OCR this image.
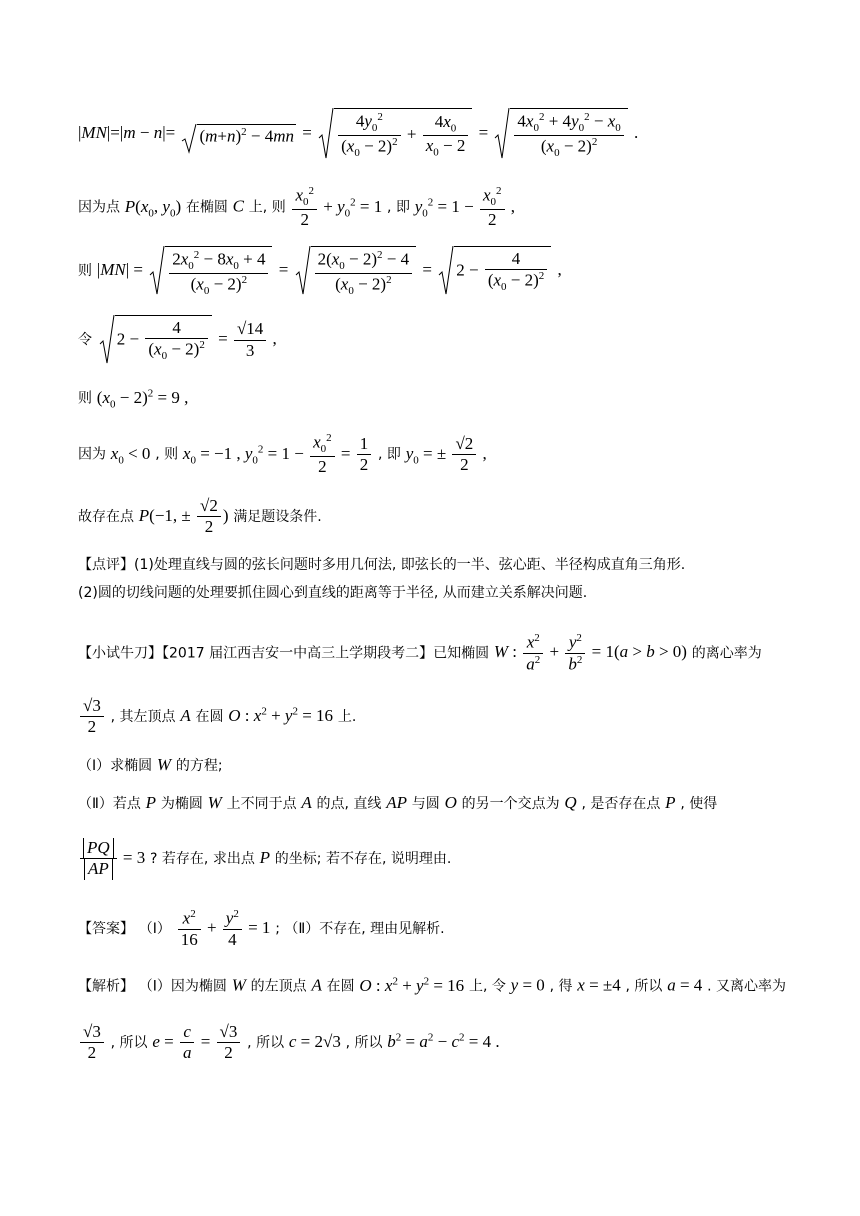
|MN|=|m − n|=
$(m+n)^2 - 4mn = \frac{4y_0^2}{(x_0 - 2)^2} + \frac{4x_0}{x_0 - 2} = \frac{4x_0^2 + 4y_0^2 - x_0}{(x_0 - 2)^2}$ .
因为点 $P(x_0$, $y_0$) 在椭圆 C 上, 则 $\frac{x_0^2}{2} + y_0^2 = 1$ , 即 $y_0^2 = 1 - \frac{x_0^2}{2}$ ,
则 $|MN| = \frac{2x_0^2 - 8x_0 + 4}{(x_0 - 2)^2} = \frac{2(x_0 - 2)^2 - 4}{(x_0 - 2)^2}$ =
$2 - \frac{4}{(x_0 - 2)^2}$ ,
令 $2 - \frac{4}{(x_0 - 2)^2} = \frac{√14}{3}$ ,
则 $(x_0 - 2)^2 = 9$ ,
因为 $x_0 < 0$ , 则 $x_0 = -1$ , $y_0^2 = 1 - \frac{x_0^2}{2} = \frac{1}{2}$ , 即 $y_0$ = ± $\frac{√2}{2}$ ,
故存在点 P(−1, ± $\frac{√2}{2}$ ) 满足题设条件.
【点评】(1)处理直线与圆的弦长问题时多用几何法, 即弦长的一半、弦心距、半径构成直角三角形.
(2)圆的切线问题的处理要抓住圆心到直线的距离等于半径, 从而建立关系解决问题.
【小试牛刀】【2017 届江西吉安一中高三上学期段考二】已知椭圆 W : $\frac{x^2}{a^2} + \frac{y^2}{b^2} = 1(a > b > 0)$ 的离心率为
$\frac{√3}{2}$ , 其左顶点 A 在圆 O : $x^2 + y^2 = 16$ 上.
（Ⅰ）求椭圆 W 的方程;
（Ⅱ）若点 P 为椭圆 W 上不同于点 A 的点, 直线 AP 与圆 O 的另一个交点为 Q , 是否存在点 P , 使得
$\frac{PQ}{AP} = 3$ ? 若存在, 求出点 P 的坐标; 若不存在, 说明理由.
【答案】 （Ⅰ） $\frac{x^2}{16} + \frac{y^2}{4} = 1$ ; （Ⅱ）不存在, 理由见解析.
【解析】 （Ⅰ）因为椭圆 W 的左顶点 A 在圆 O : $x^2 + y^2 = 16$ 上, 令 y = 0 , 得 x = ±4 , 所以 a = 4 . 又离心率为
$\frac{√3}{2}$ , 所以 $e = \frac{c}{a} = \frac{√3}{2}$ , 所以 c = 2√3 , 所以 $b^2 = a^2 - c^2 = 4$ .
